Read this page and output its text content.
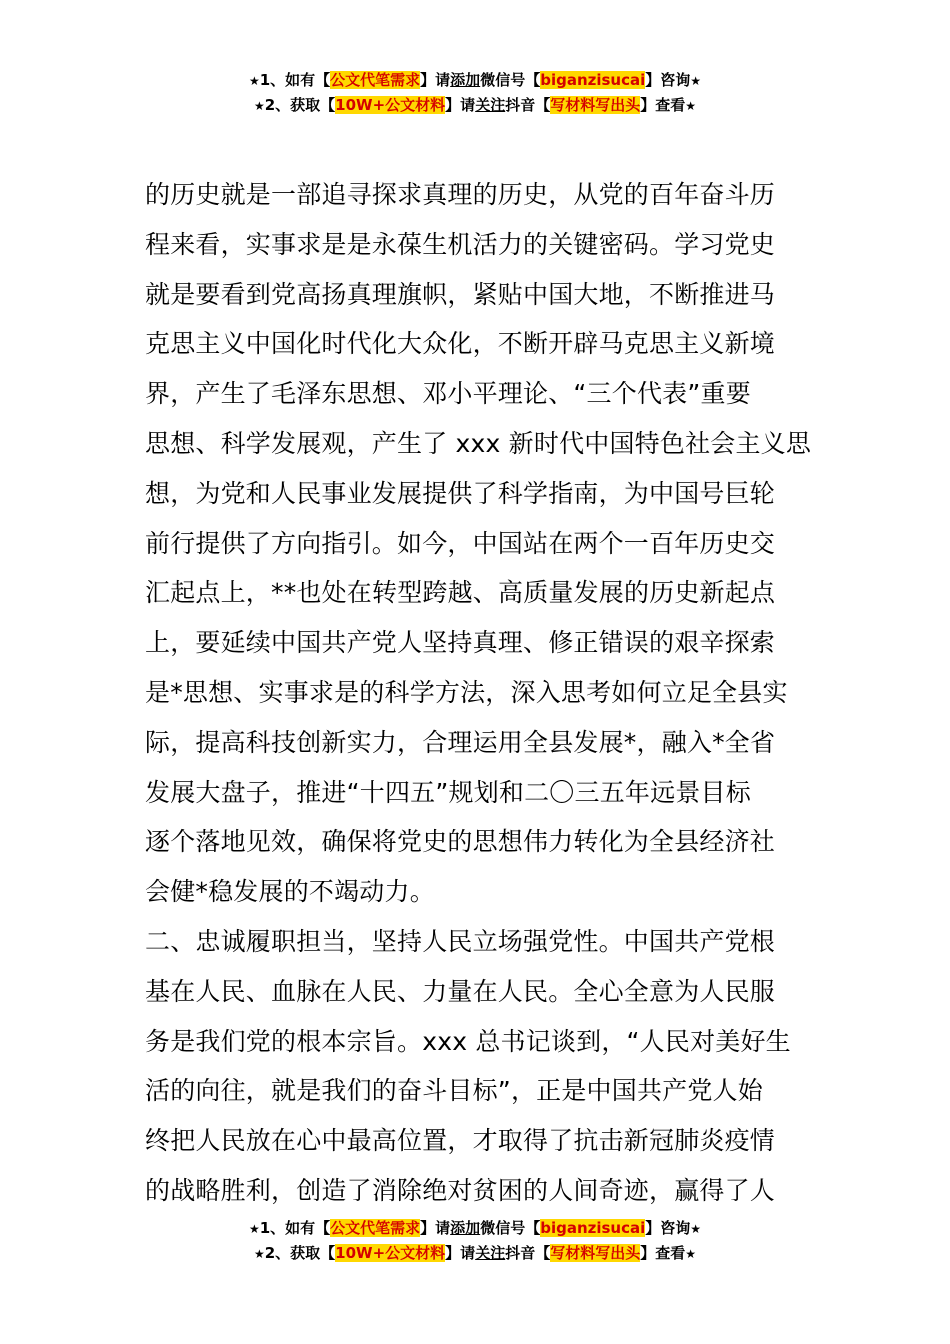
★1、如有【公文代笔需求】请添加微信号【biganzisucai】咨询★
★2、获取【10W+公文材料】请关注抖音【写材料写出头】查看★
的历史就是一部追寻探求真理的历史，从党的百年奋斗历
程来看，实事求是是永葆生机活力的关键密码。学习党史
就是要看到党高扬真理旗帜，紧贴中国大地，不断推进马
克思主义中国化时代化大众化，不断开辟马克思主义新境
界，产生了毛泽东思想、邓小平理论、“三个代表”重要
思想、科学发展观，产生了 xxx 新时代中国特色社会主义思
想，为党和人民事业发展提供了科学指南，为中国号巨轮
前行提供了方向指引。如今，中国站在两个一百年历史交
汇起点上，**也处在转型跨越、高质量发展的历史新起点
上，要延续中国共产党人坚持真理、修正错误的艰辛探索
是*思想、实事求是的科学方法，深入思考如何立足全县实
际，提高科技创新实力，合理运用全县发展*，融入*全省
发展大盘子，推进“十四五”规划和二〇三五年远景目标
逐个落地见效，确保将党史的思想伟力转化为全县经济社
会健*稳发展的不竭动力。
二、忠诚履职担当，坚持人民立场强党性。中国共产党根
基在人民、血脉在人民、力量在人民。全心全意为人民服
务是我们党的根本宗旨。xxx 总书记谈到，“人民对美好生
活的向往，就是我们的奋斗目标”，正是中国共产党人始
终把人民放在心中最高位置，才取得了抗击新冠肺炎疫情
的战略胜利，创造了消除绝对贫困的人间奇迹，赢得了人
★1、如有【公文代笔需求】请添加微信号【biganzisucai】咨询★
★2、获取【10W+公文材料】请关注抖音【写材料写出头】查看★
